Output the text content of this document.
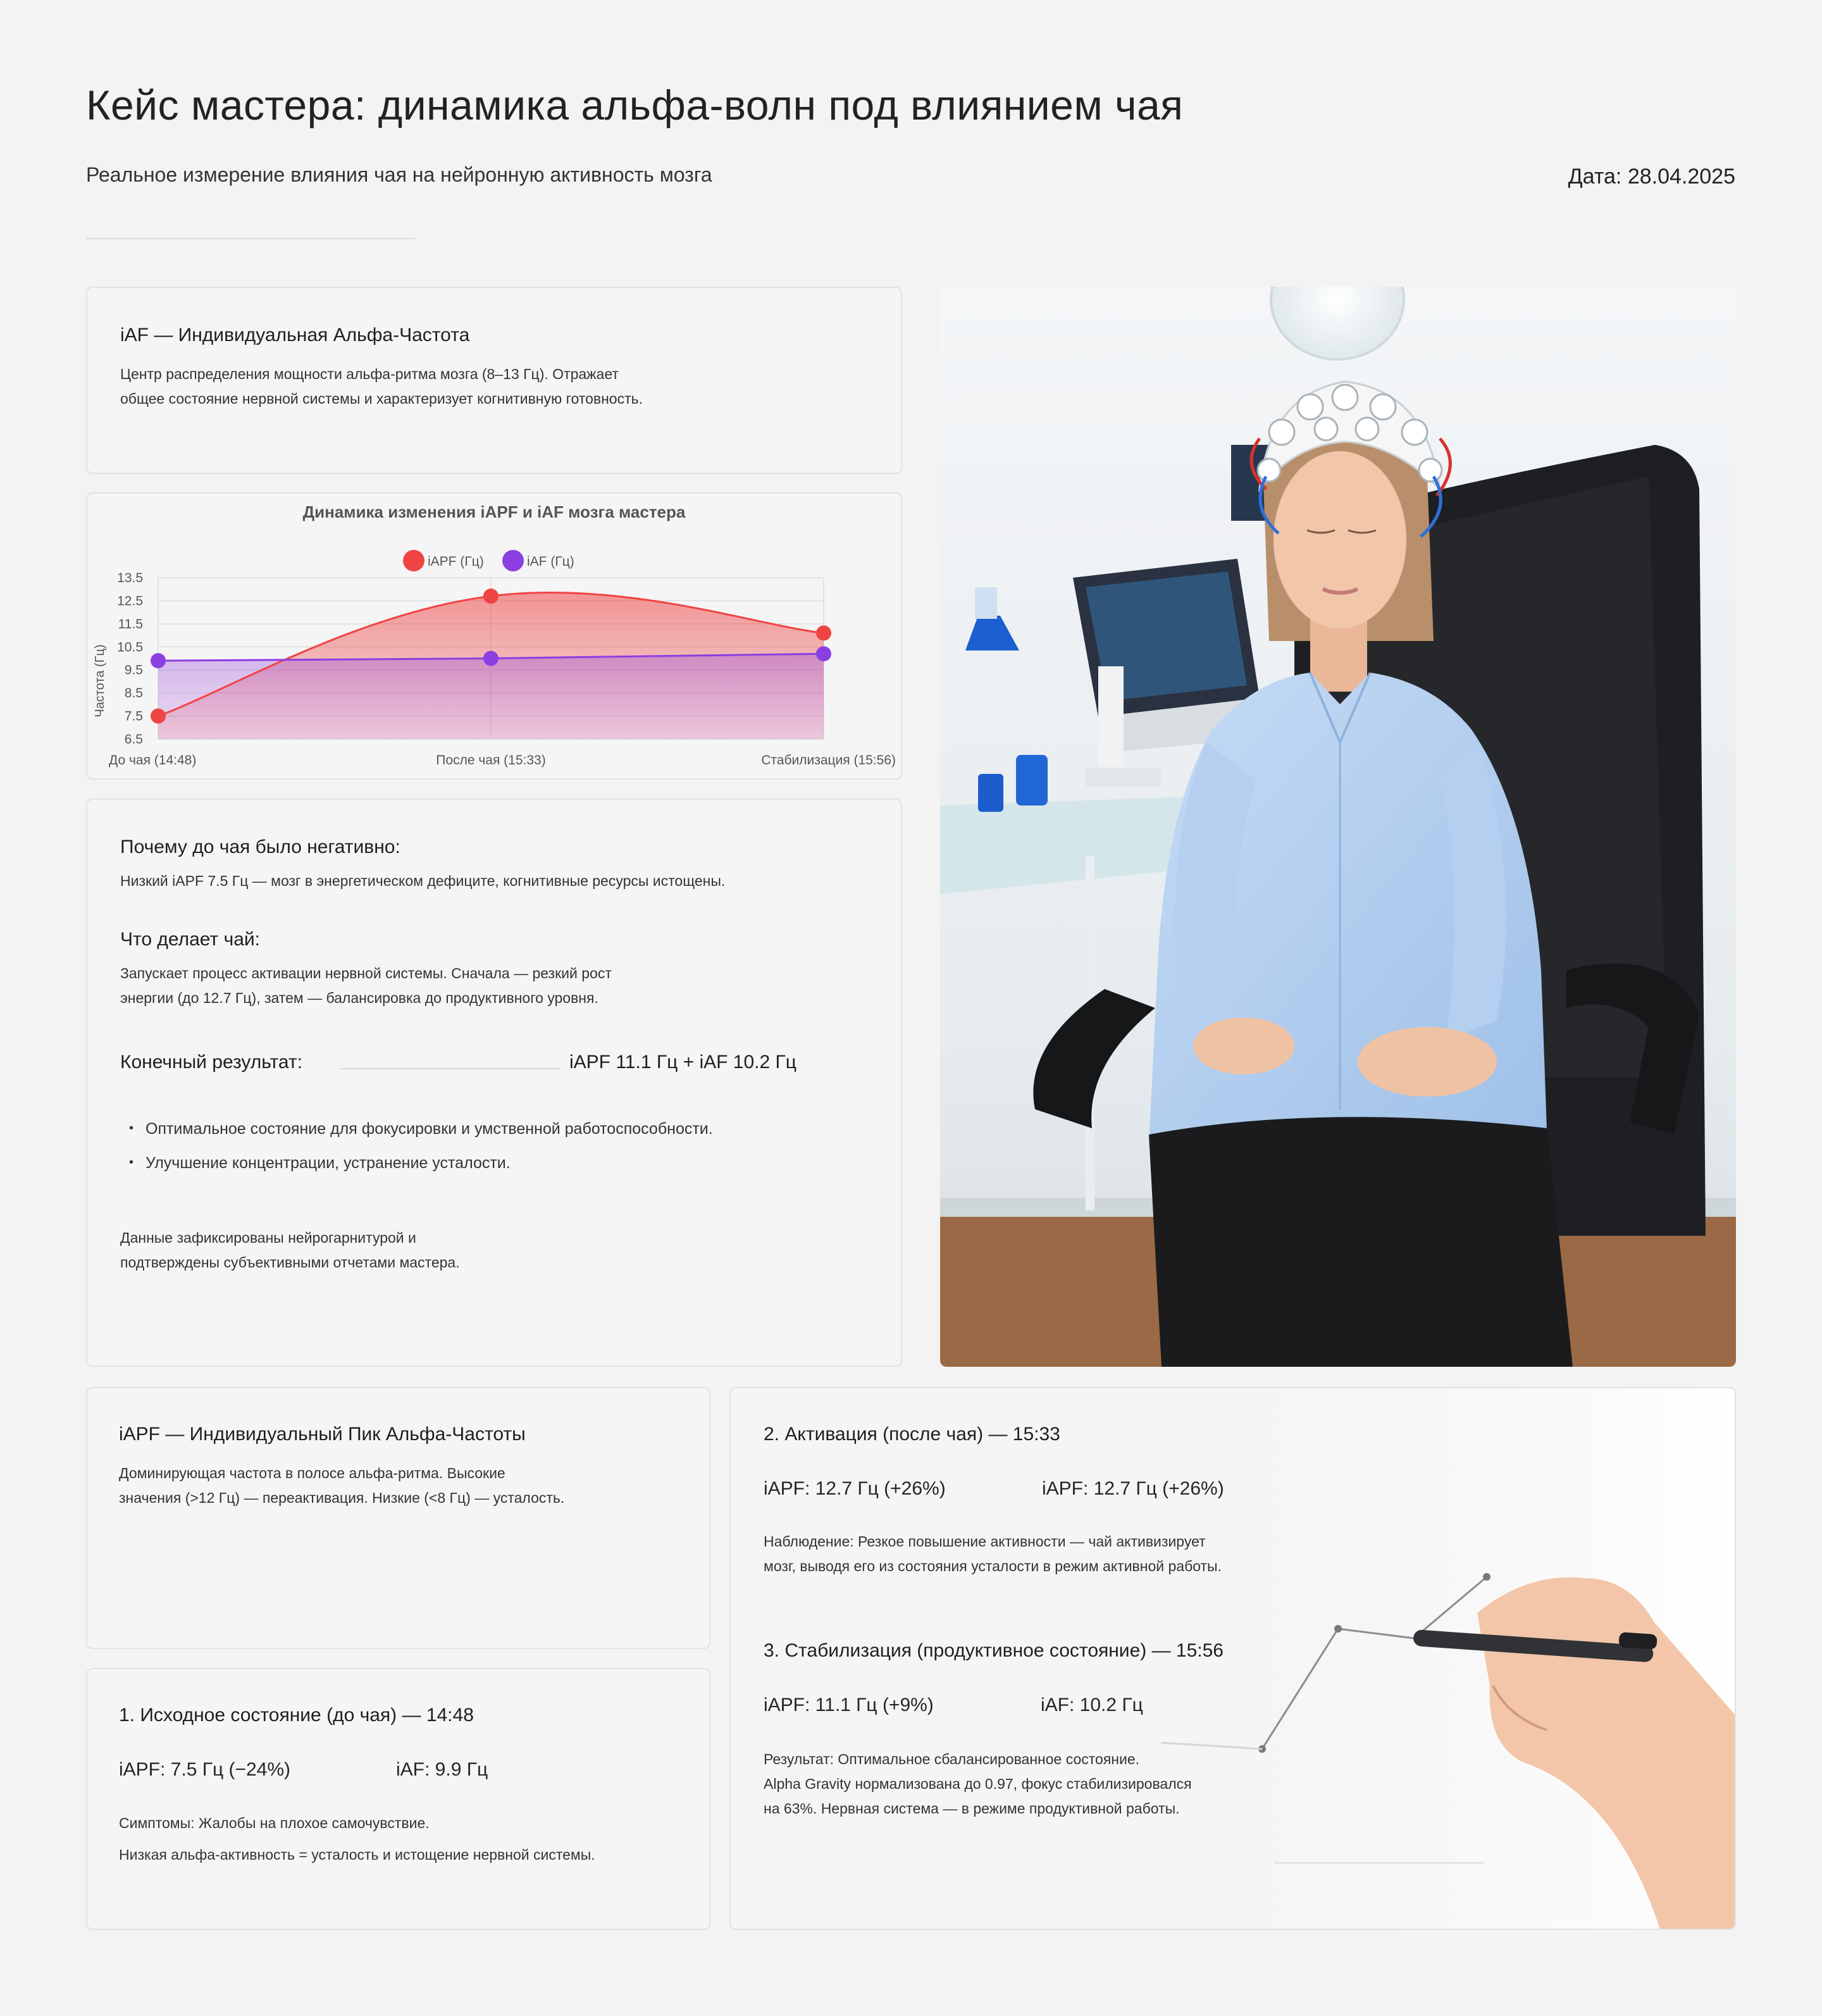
Кейс мастера: динамика альфа-волн под влиянием чая
Реальное измерение влияния чая на нейронную активность мозга	Дата: 28.04.2025
iAF — Индивидуальная Альфа-Частота
Центр распределения мощности альфа-ритма мозга (8–13 Гц). Отражает
общее состояние нервной системы и характеризует когнитивную готовность.
Динамика изменения iAPF и iAF мозга мастера
iAPF (Гц)	iAF (Гц)
Частота (Гц)
13.5
12.5
11.5
10.5
9.5
8.5
7.5
6.5
До чая (14:48)	После чая (15:33)	Стабилизация (15:56)
Почему до чая было негативно:
Низкий iAPF 7.5 Гц — мозг в энергетическом дефиците, когнитивные ресурсы истощены.
Что делает чай:
Запускает процесс активации нервной системы. Сначала — резкий рост
энергии (до 12.7 Гц), затем — балансировка до продуктивного уровня.
Конечный результат:	iAPF 11.1 Гц + iAF 10.2 Гц
• Оптимальное состояние для фокусировки и умственной работоспособности.
• Улучшение концентрации, устранение усталости.
Данные зафиксированы нейрогарнитурой и
подтверждены субъективными отчетами мастера.
iAPF — Индивидуальный Пик Альфа-Частоты
Доминирующая частота в полосе альфа-ритма. Высокие
значения (>12 Гц) — переактивация. Низкие (<8 Гц) — усталость.
1. Исходное состояние (до чая) — 14:48
iAPF: 7.5 Гц (−24%)	iAF: 9.9 Гц
Симптомы: Жалобы на плохое самочувствие.
Низкая альфа-активность = усталость и истощение нервной системы.
2. Активация (после чая) — 15:33
iAPF: 12.7 Гц (+26%)	iAPF: 12.7 Гц (+26%)
Наблюдение: Резкое повышение активности — чай активизирует
мозг, выводя его из состояния усталости в режим активной работы.
3. Стабилизация (продуктивное состояние) — 15:56
iAPF: 11.1 Гц (+9%)	iAF: 10.2 Гц
Результат: Оптимальное сбалансированное состояние.
Alpha Gravity нормализована до 0.97, фокус стабилизировался
на 63%. Нервная система — в режиме продуктивной работы.
